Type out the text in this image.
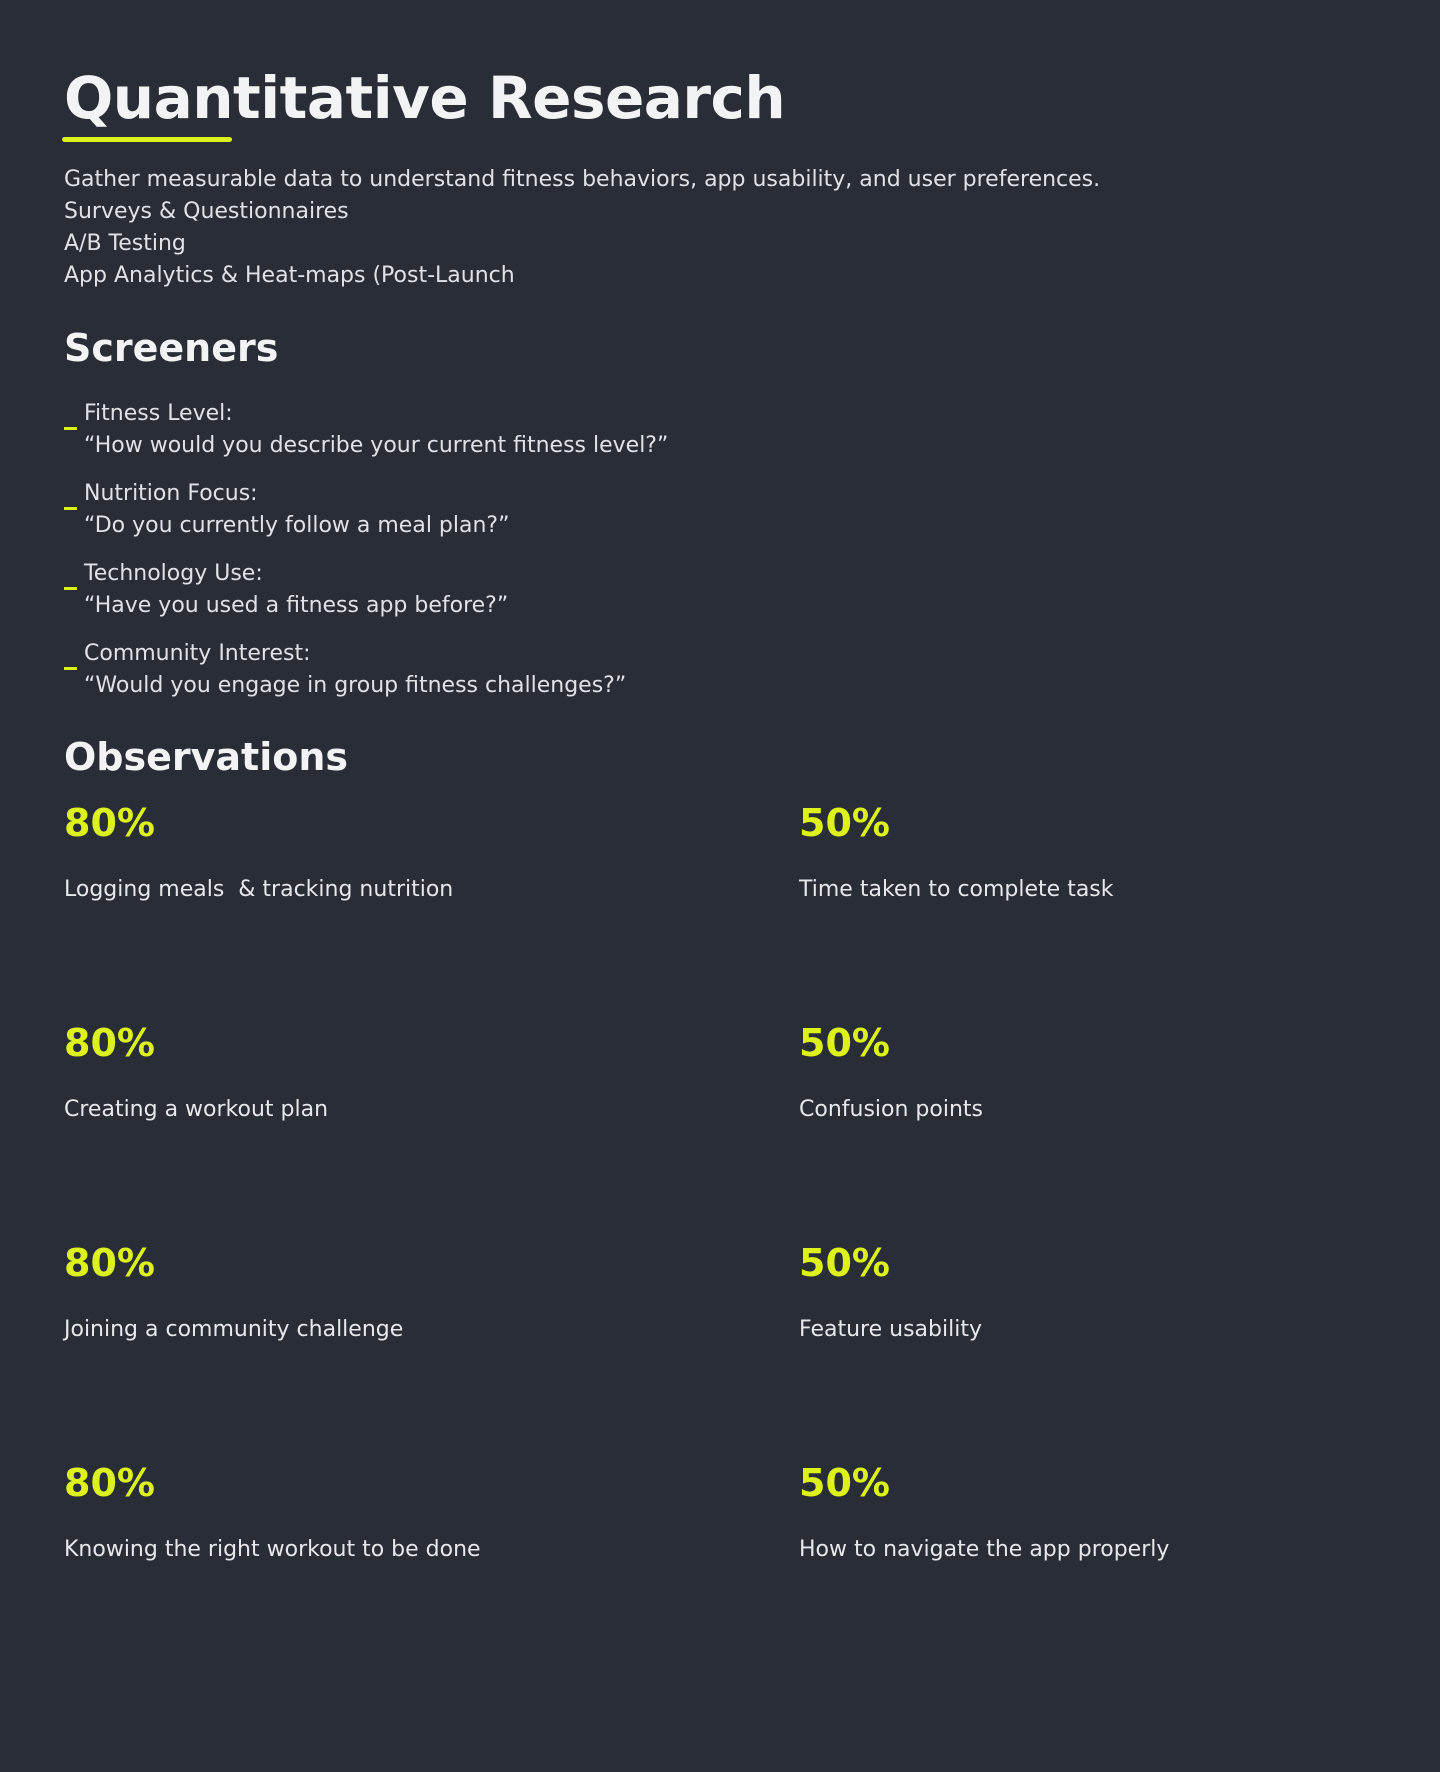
Quantitative Research
Gather measurable data to understand fitness behaviors, app usability, and user preferences.
Surveys & Questionnaires
A/B Testing
App Analytics & Heat-maps (Post-Launch
Screeners
Fitness Level:
“How would you describe your current fitness level?”
Nutrition Focus:
“Do you currently follow a meal plan?”
Technology Use:
“Have you used a fitness app before?”
Community Interest:
“Would you engage in group fitness challenges?”
Observations
80%
Logging meals  & tracking nutrition
50%
Time taken to complete task
80%
Creating a workout plan
50%
Confusion points
80%
Joining a community challenge
50%
Feature usability
80%
Knowing the right workout to be done
50%
How to navigate the app properly
